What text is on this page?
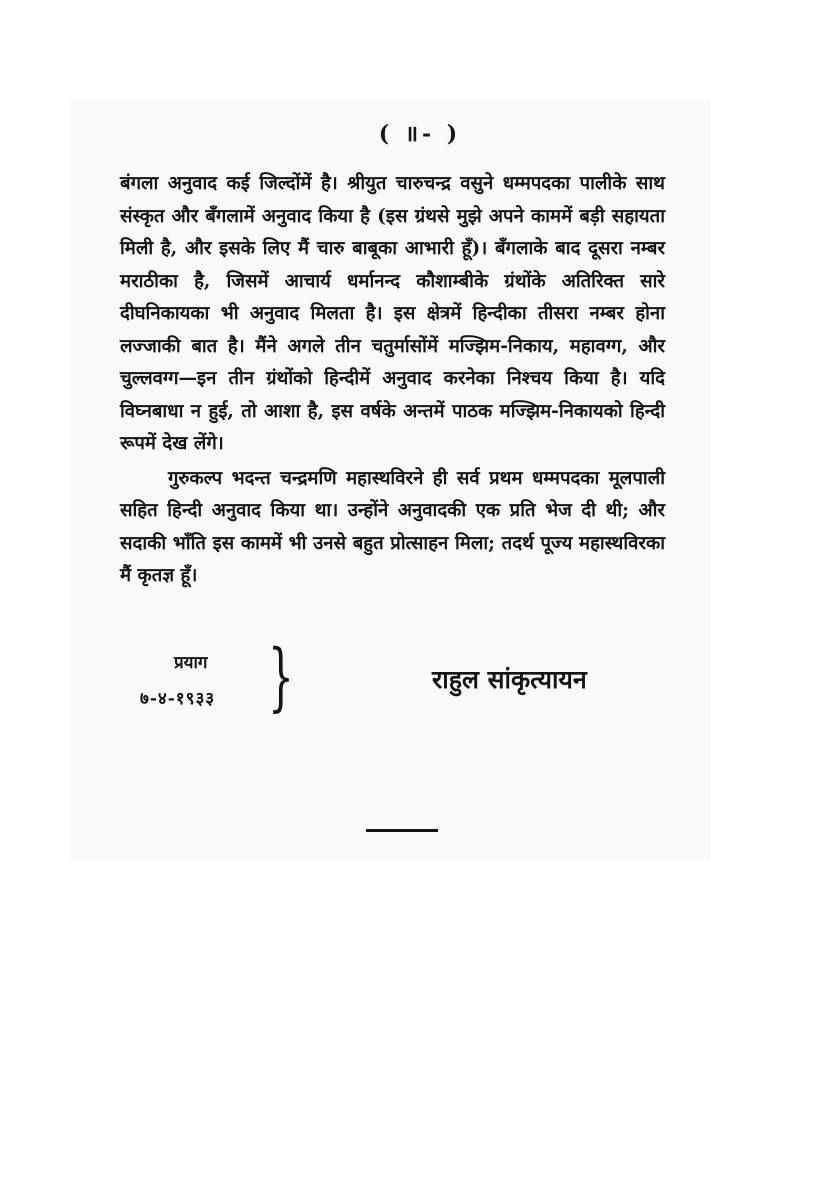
( ॥- )

बंगला अनुवाद कई जिल्दोंमें है। श्रीयुत चारुचन्द्र वसुने धम्मपदका पालीके साथ संस्कृत और बँगलामें अनुवाद किया है (इस ग्रंथसे मुझे अपने काममें बड़ी सहायता मिली है, और इसके लिए मैं चारु बाबूका आभारी हूँ)। बँगलाके बाद दूसरा नम्बर मराठीका है, जिसमें आचार्य धर्मानन्द कौशाम्बीके ग्रंथोंके अतिरिक्त सारे दीघनिकायका भी अनुवाद मिलता है। इस क्षेत्रमें हिन्दीका तीसरा नम्बर होना लज्जाकी बात है। मैंने अगले तीन चतुर्मासोंमें मज्झिम-निकाय, महावग्ग, और चुल्लवग्ग—इन तीन ग्रंथोंको हिन्दीमें अनुवाद करनेका निश्चय किया है। यदि विघ्नबाधा न हुई, तो आशा है, इस वर्षके अन्तमें पाठक मज्झिम-निकायको हिन्दी रूपमें देख लेंगे।

गुरुकल्प भदन्त चन्द्रमणि महास्थविरने ही सर्व प्रथम धम्मपदका मूलपाली सहित हिन्दी अनुवाद किया था। उन्होंने अनुवादकी एक प्रति भेज दी थी; और सदाकी भाँति इस काममें भी उनसे बहुत प्रोत्साहन मिला; तदर्थ पूज्य महास्थविरका मैं कृतज्ञ हूँ।

प्रयाग
७-४-१९३३ }	राहुल सांकृत्यायन
